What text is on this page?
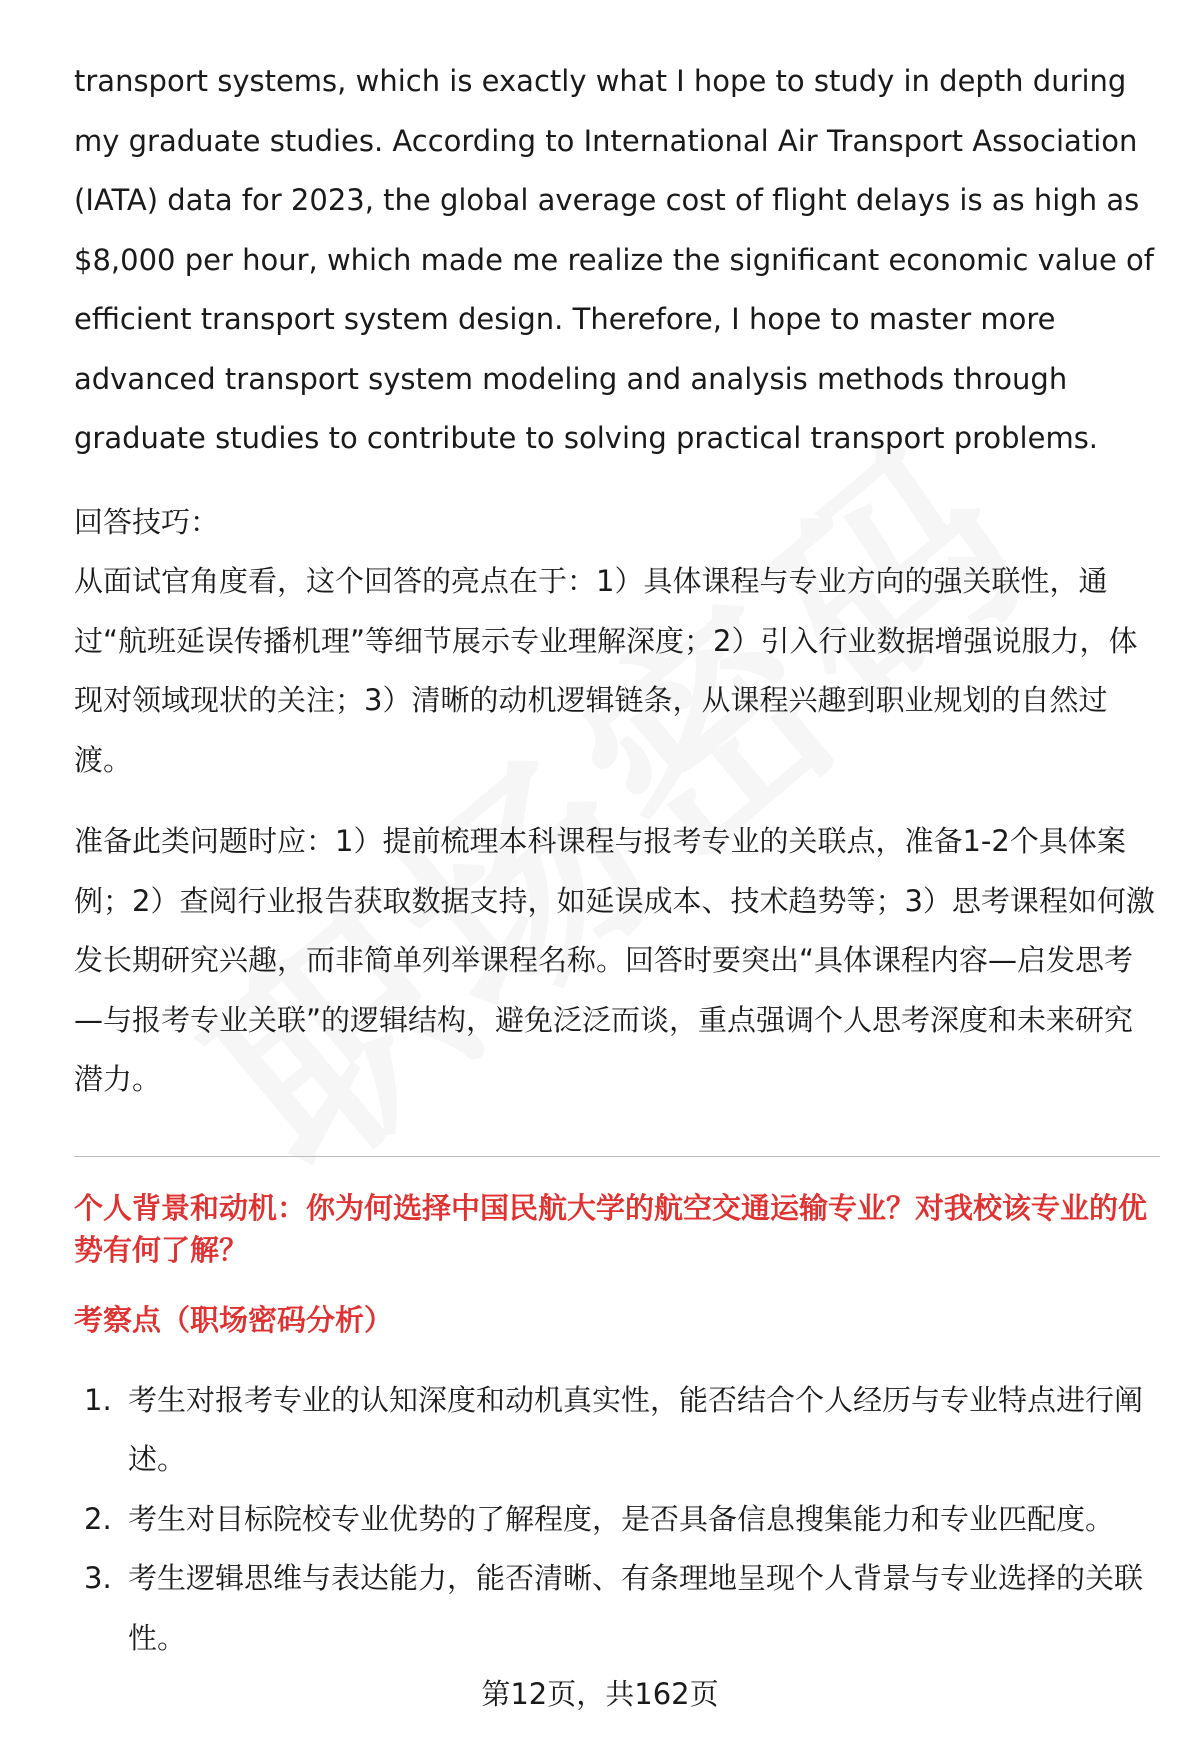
transport systems, which is exactly what I hope to study in depth during my graduate studies. According to International Air Transport Association (IATA) data for 2023, the global average cost of flight delays is as high as $8,000 per hour, which made me realize the significant economic value of efficient transport system design. Therefore, I hope to master more advanced transport system modeling and analysis methods through graduate studies to contribute to solving practical transport problems.

回答技巧：

从面试官角度看，这个回答的亮点在于：1）具体课程与专业方向的强关联性，通过“航班延误传播机理”等细节展示专业理解深度；2）引入行业数据增强说服力，体现对领域现状的关注；3）清晰的动机逻辑链条，从课程兴趣到职业规划的自然过渡。

准备此类问题时应：1）提前梳理本科课程与报考专业的关联点，准备1-2个具体案例；2）查阅行业报告获取数据支持，如延误成本、技术趋势等；3）思考课程如何激发长期研究兴趣，而非简单列举课程名称。回答时要突出“具体课程内容—启发思考—与报考专业关联”的逻辑结构，避免泛泛而谈，重点强调个人思考深度和未来研究潜力。

个人背景和动机：你为何选择中国民航大学的航空交通运输专业？对我校该专业的优势有何了解？

考察点（职场密码分析）

1. 考生对报考专业的认知深度和动机真实性，能否结合个人经历与专业特点进行阐述。
2. 考生对目标院校专业优势的了解程度，是否具备信息搜集能力和专业匹配度。
3. 考生逻辑思维与表达能力，能否清晰、有条理地呈现个人背景与专业选择的关联性。
第12页，共162页
